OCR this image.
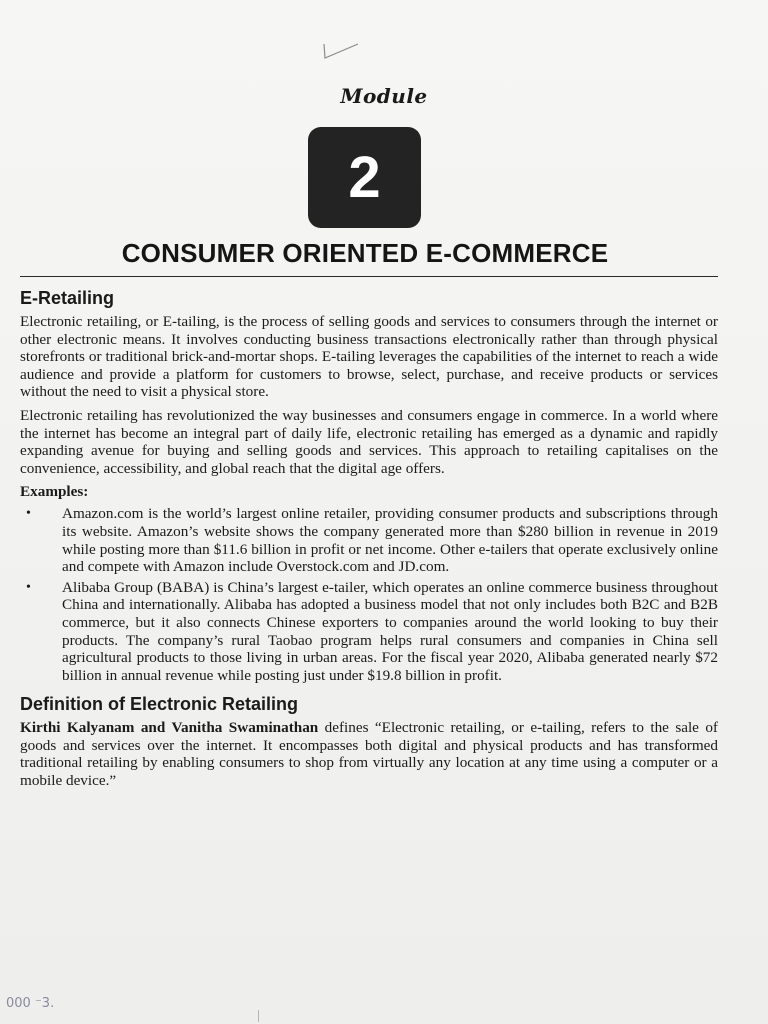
Module
2
CONSUMER ORIENTED E-COMMERCE
E-Retailing

Electronic retailing, or E-tailing, is the process of selling goods and services to consumers through the internet or other electronic means. It involves conducting business transactions electronically rather than through physical storefronts or traditional brick-and-mortar shops. E-tailing leverages the capabilities of the internet to reach a wide audience and provide a platform for customers to browse, select, purchase, and receive products or services without the need to visit a physical store.

Electronic retailing has revolutionized the way businesses and consumers engage in commerce. In a world where the internet has become an integral part of daily life, electronic retailing has emerged as a dynamic and rapidly expanding avenue for buying and selling goods and services. This approach to retailing capitalises on the convenience, accessibility, and global reach that the digital age offers.

Examples:
• Amazon.com is the world’s largest online retailer, providing consumer products and subscriptions through its website. Amazon’s website shows the company generated more than $280 billion in revenue in 2019 while posting more than $11.6 billion in profit or net income. Other e-tailers that operate exclusively online and compete with Amazon include Overstock.com and JD.com.
• Alibaba Group (BABA) is China’s largest e-tailer, which operates an online commerce business throughout China and internationally. Alibaba has adopted a business model that not only includes both B2C and B2B commerce, but it also connects Chinese exporters to companies around the world looking to buy their products. The company’s rural Taobao program helps rural consumers and companies in China sell agricultural products to those living in urban areas. For the fiscal year 2020, Alibaba generated nearly $72 billion in annual revenue while posting just under $19.8 billion in profit.
Definition of Electronic Retailing

Kirthi Kalyanam and Vanitha Swaminathan defines “Electronic retailing, or e-tailing, refers to the sale of goods and services over the internet. It encompasses both digital and physical products and has transformed traditional retailing by enabling consumers to shop from virtually any location at any time using a computer or a mobile device.”

000 ⁻3.
